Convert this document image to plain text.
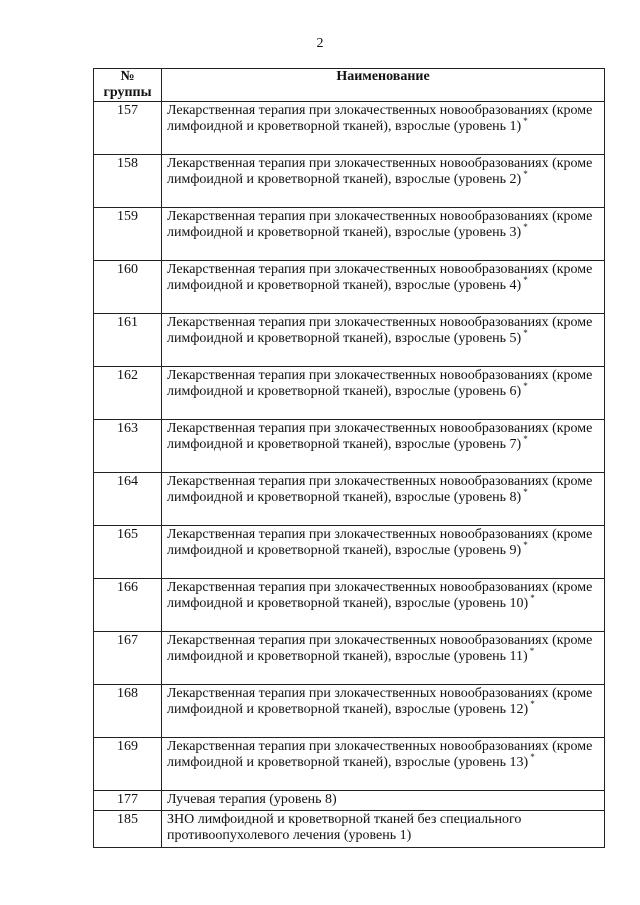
2
№
группы	Наименование
157	Лекарственная терапия при злокачественных новообразованиях (кроме лимфоидной и кроветворной тканей), взрослые (уровень 1) *
158	Лекарственная терапия при злокачественных новообразованиях (кроме лимфоидной и кроветворной тканей), взрослые (уровень 2) *
159	Лекарственная терапия при злокачественных новообразованиях (кроме лимфоидной и кроветворной тканей), взрослые (уровень 3) *
160	Лекарственная терапия при злокачественных новообразованиях (кроме лимфоидной и кроветворной тканей), взрослые (уровень 4) *
161	Лекарственная терапия при злокачественных новообразованиях (кроме лимфоидной и кроветворной тканей), взрослые (уровень 5) *
162	Лекарственная терапия при злокачественных новообразованиях (кроме лимфоидной и кроветворной тканей), взрослые (уровень 6) *
163	Лекарственная терапия при злокачественных новообразованиях (кроме лимфоидной и кроветворной тканей), взрослые (уровень 7) *
164	Лекарственная терапия при злокачественных новообразованиях (кроме лимфоидной и кроветворной тканей), взрослые (уровень 8) *
165	Лекарственная терапия при злокачественных новообразованиях (кроме лимфоидной и кроветворной тканей), взрослые (уровень 9) *
166	Лекарственная терапия при злокачественных новообразованиях (кроме лимфоидной и кроветворной тканей), взрослые (уровень 10) *
167	Лекарственная терапия при злокачественных новообразованиях (кроме лимфоидной и кроветворной тканей), взрослые (уровень 11) *
168	Лекарственная терапия при злокачественных новообразованиях (кроме лимфоидной и кроветворной тканей), взрослые (уровень 12) *
169	Лекарственная терапия при злокачественных новообразованиях (кроме лимфоидной и кроветворной тканей), взрослые (уровень 13) *
177	Лучевая терапия (уровень 8)
185	ЗНО лимфоидной и кроветворной тканей без специального противоопухолевого лечения (уровень 1)
